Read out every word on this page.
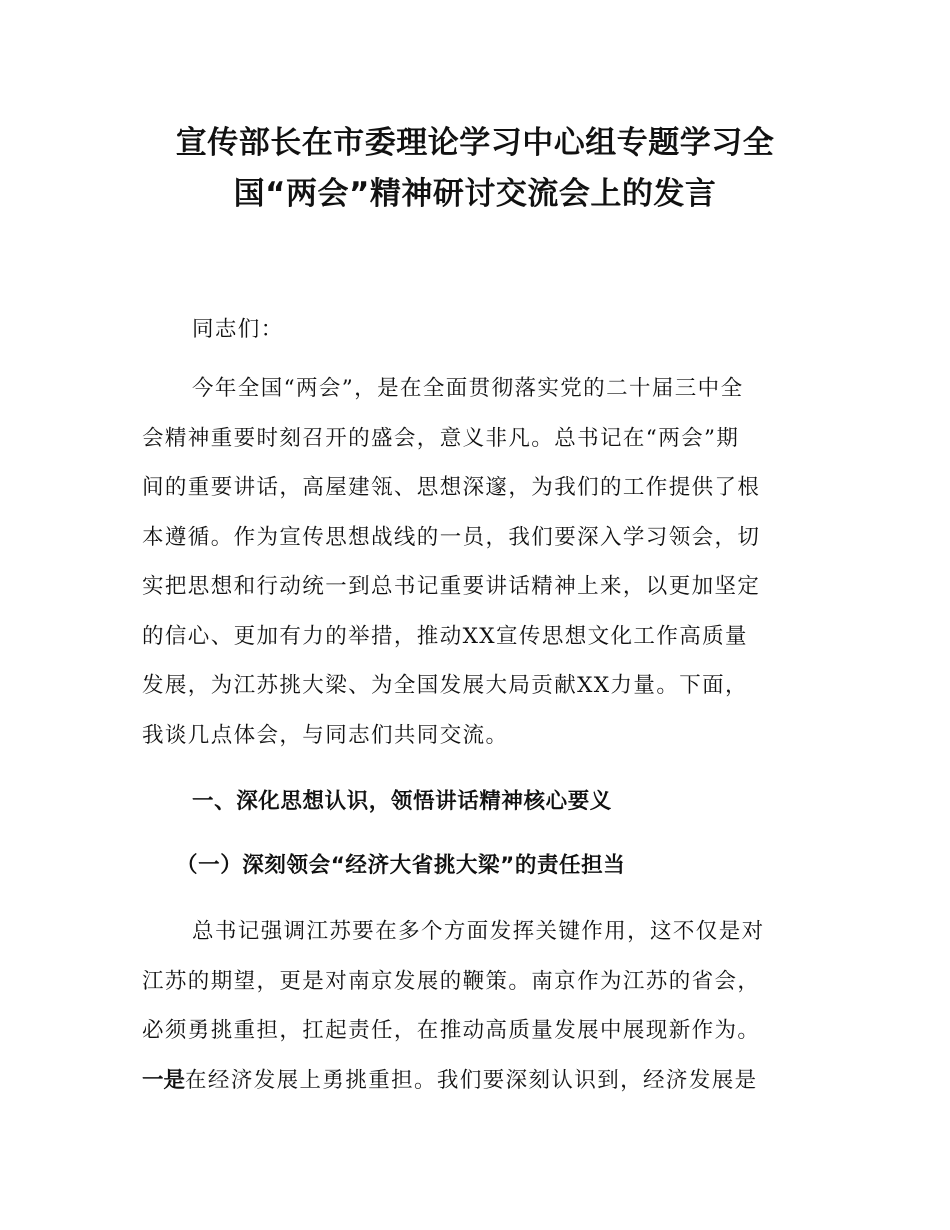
宣传部长在市委理论学习中心组专题学习全
国“两会”精神研讨交流会上的发言

同志们：

今年全国“两会”，是在全面贯彻落实党的二十届三中全
会精神重要时刻召开的盛会，意义非凡。总书记在“两会”期
间的重要讲话，高屋建瓴、思想深邃，为我们的工作提供了根
本遵循。作为宣传思想战线的一员，我们要深入学习领会，切
实把思想和行动统一到总书记重要讲话精神上来，以更加坚定
的信心、更加有力的举措，推动XX宣传思想文化工作高质量
发展，为江苏挑大梁、为全国发展大局贡献XX力量。下面，
我谈几点体会，与同志们共同交流。

一、深化思想认识，领悟讲话精神核心要义
（一）深刻领会“经济大省挑大梁”的责任担当

总书记强调江苏要在多个方面发挥关键作用，这不仅是对
江苏的期望，更是对南京发展的鞭策。南京作为江苏的省会，
必须勇挑重担，扛起责任，在推动高质量发展中展现新作为。
一是在经济发展上勇挑重担。我们要深刻认识到，经济发展是
